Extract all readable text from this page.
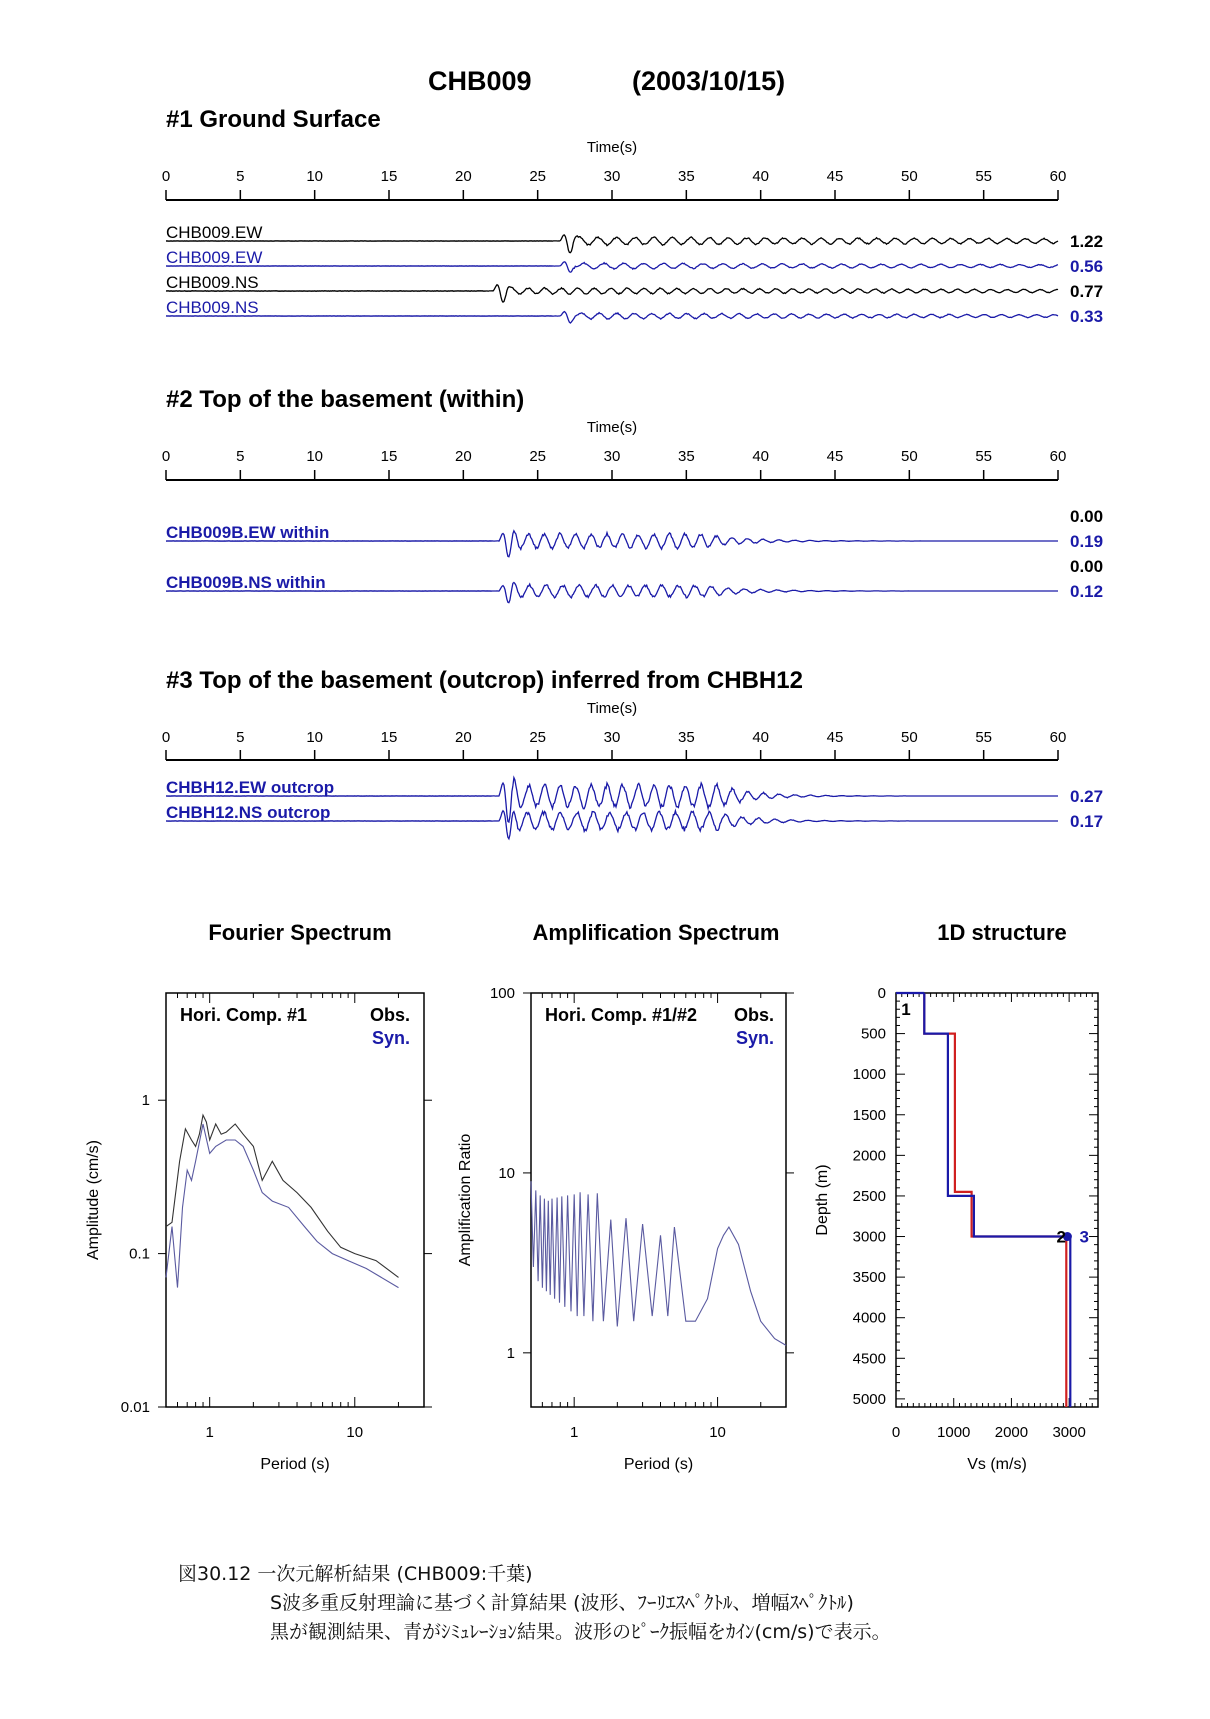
CHB009	(2003/10/15)
#1 Ground Surface
Time(s)
0	5	10	15	20	25	30	35	40	45	50	55	60
CHB009.EW	1.22
CHB009.EW	0.56
CHB009.NS	0.77
CHB009.NS	0.33
#2 Top of the basement (within)
Time(s)
0	5	10	15	20	25	30	35	40	45	50	55	60
0.00
CHB009B.EW within	0.19
0.00
CHB009B.NS within	0.12
#3 Top of the basement (outcrop) inferred from CHBH12
Time(s)
0	5	10	15	20	25	30	35	40	45	50	55	60
CHBH12.EW outcrop	0.27
CHBH12.NS outcrop	0.17
Fourier Spectrum
0.01
0.1
1
1	10
Period (s)
Amplitude (cm/s)
Hori. Comp. #1	Obs.
Syn.
Amplification Spectrum
1
10
100
1	10
Period (s)
Amplification Ratio
Hori. Comp. #1/#2 Obs.
Syn.
1D structure
0
500
1000
1500
2000
2500
3000
3500
4000
4500
5000
0 1000 2000 3000
Vs (m/s)
Depth (m)
1
2 3
図30.12 一次元解析結果 (CHB009:千葉)
S波多重反射理論に基づく計算結果 (波形、ﾌｰﾘｴｽﾍﾟｸﾄﾙ、増幅ｽﾍﾟｸﾄﾙ)
黒が観測結果、青がｼﾐｭﾚｰｼｮﾝ結果。波形のﾋﾟｰｸ振幅をｶｲﾝ(cm/s)で表示。
